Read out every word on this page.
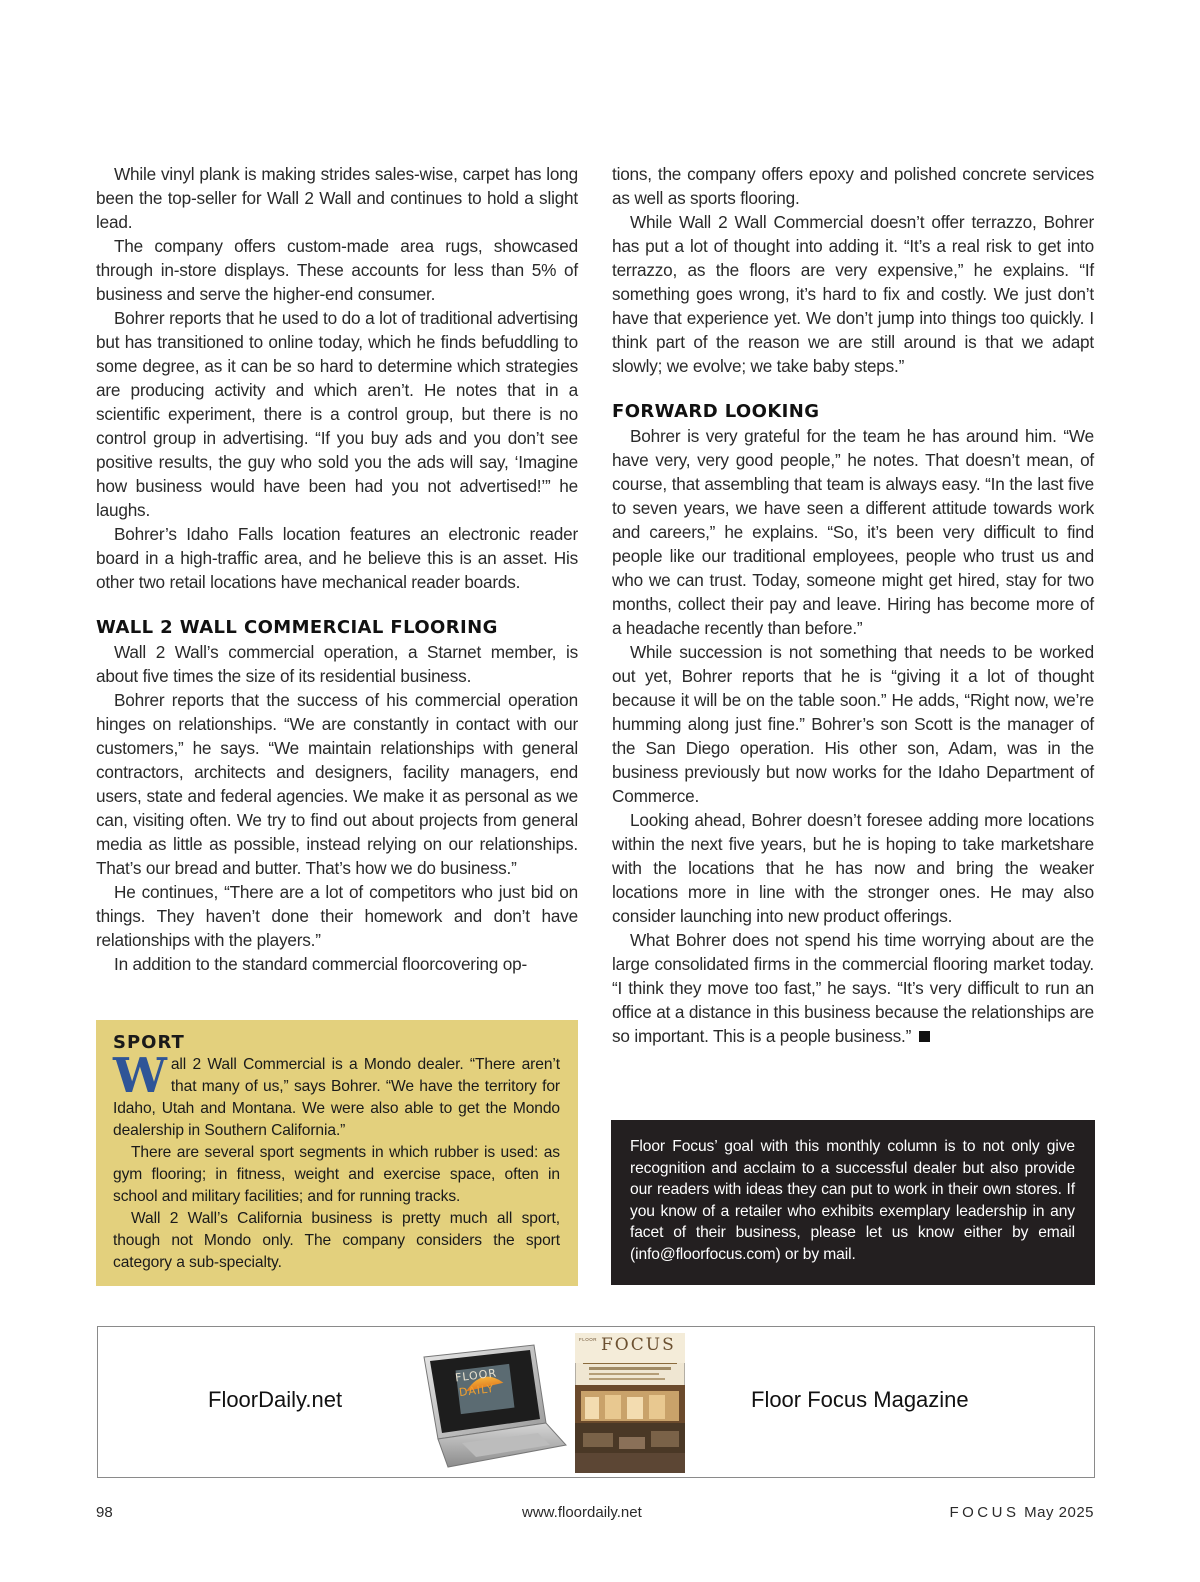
While vinyl plank is making strides sales-wise, carpet has long been the top-seller for Wall 2 Wall and continues to hold a slight lead.

The company offers custom-made area rugs, showcased through in-store displays. These accounts for less than 5% of business and serve the higher-end consumer.

Bohrer reports that he used to do a lot of traditional advertising but has transitioned to online today, which he finds befuddling to some degree, as it can be so hard to determine which strategies are producing activity and which aren’t. He notes that in a scientific experiment, there is a control group, but there is no control group in advertising. “If you buy ads and you don’t see positive results, the guy who sold you the ads will say, ‘Imagine how business would have been had you not advertised!’” he laughs.

Bohrer’s Idaho Falls location features an electronic reader board in a high-traffic area, and he believe this is an asset. His other two retail locations have mechanical reader boards.

WALL 2 WALL COMMERCIAL FLOORING

Wall 2 Wall’s commercial operation, a Starnet member, is about five times the size of its residential business.

Bohrer reports that the success of his commercial operation hinges on relationships. “We are constantly in contact with our customers,” he says. “We maintain relationships with general contractors, architects and designers, facility managers, end users, state and federal agencies. We make it as personal as we can, visiting often. We try to find out about projects from general media as little as possible, instead relying on our relationships. That’s our bread and butter. That’s how we do business.”

He continues, “There are a lot of competitors who just bid on things. They haven’t done their homework and don’t have relationships with the players.”

In addition to the standard commercial floorcovering op-

tions, the company offers epoxy and polished concrete services as well as sports flooring.

While Wall 2 Wall Commercial doesn’t offer terrazzo, Bohrer has put a lot of thought into adding it. “It’s a real risk to get into terrazzo, as the floors are very expensive,” he explains. “If something goes wrong, it’s hard to fix and costly. We just don’t have that experience yet. We don’t jump into things too quickly. I think part of the reason we are still around is that we adapt slowly; we evolve; we take baby steps.”

FORWARD LOOKING

Bohrer is very grateful for the team he has around him. “We have very, very good people,” he notes. That doesn’t mean, of course, that assembling that team is always easy. “In the last five to seven years, we have seen a different attitude towards work and careers,” he explains. “So, it’s been very difficult to find people like our traditional employees, people who trust us and who we can trust. Today, someone might get hired, stay for two months, collect their pay and leave. Hiring has become more of a headache recently than before.”

While succession is not something that needs to be worked out yet, Bohrer reports that he is “giving it a lot of thought because it will be on the table soon.” He adds, “Right now, we’re humming along just fine.” Bohrer’s son Scott is the manager of the San Diego operation. His other son, Adam, was in the business previously but now works for the Idaho Department of Commerce.

Looking ahead, Bohrer doesn’t foresee adding more locations within the next five years, but he is hoping to take marketshare with the locations that he has now and bring the weaker locations more in line with the stronger ones. He may also consider launching into new product offerings.

What Bohrer does not spend his time worrying about are the large consolidated firms in the commercial flooring market today. “I think they move too fast,” he says. “It’s very difficult to run an office at a distance in this business because the relationships are so important. This is a people business.”

SPORT

Wall 2 Wall Commercial is a Mondo dealer. “There aren’t that many of us,” says Bohrer. “We have the territory for Idaho, Utah and Montana. We were also able to get the Mondo dealership in Southern California.”

There are several sport segments in which rubber is used: as gym flooring; in fitness, weight and exercise space, often in school and military facilities; and for running tracks.

Wall 2 Wall’s California business is pretty much all sport, though not Mondo only. The company considers the sport category a sub-specialty.

Floor Focus’ goal with this monthly column is to not only give recognition and acclaim to a successful dealer but also provide our readers with ideas they can put to work in their own stores. If you know of a retailer who exhibits exemplary leadership in any facet of their business, please let us know either by email (info@floorfocus.com) or by mail.
FloorDaily.net
FLOOR
DAILY
FLOOR FOCUS
Floor Focus Magazine
98	www.floordaily.net	FOCUS May 2025
